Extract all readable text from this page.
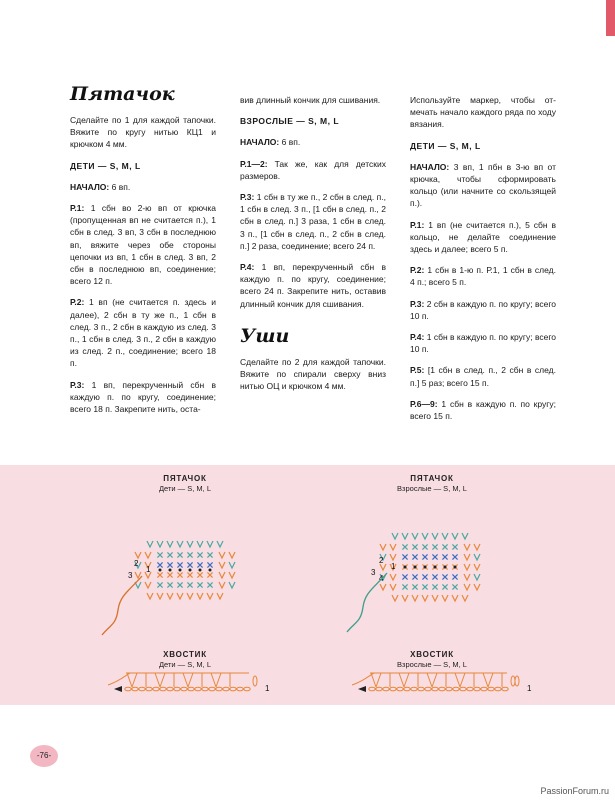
Пятачок

Сделайте по 1 для каждой тапочки. Вяжите по кругу нитью КЦ1 и крючком 4 мм.

ДЕТИ — S, M, L

НАЧАЛО: 6 вп.

Р.1: 1 сбн во 2-ю вп от крючка (пропущенная вп не считается п.), 1 сбн в след. 3 вп, 3 сбн в последнюю вп, вяжите через обе стороны цепочки из вп, 1 сбн в след. 3 вп, 2 сбн в последнюю вп, соединение; всего 12 п.

Р.2: 1 вп (не считается п. здесь и далее), 2 сбн в ту же п., 1 сбн в след. 3 п., 2 сбн в каждую из след. 3 п., 1 сбн в след. 3 п., 2 сбн в каждую из след. 2 п., соединение; всего 18 п.

Р.3: 1 вп, перекрученный сбн в каждую п. по кругу, соединение; всего 18 п. Закрепите нить, оста-

вив длинный кончик для сшивания.

ВЗРОСЛЫЕ — S, M, L

НАЧАЛО: 6 вп.

Р.1—2: Так же, как для детских размеров.

Р.3: 1 сбн в ту же п., 2 сбн в след. п., 1 сбн в след. 3 п., [1 сбн в след. п., 2 сбн в след. п.] 3 раза, 1 сбн в след. 3 п., [1 сбн в след. п., 2 сбн в след. п.] 2 раза, соединение; всего 24 п.

Р.4: 1 вп, перекрученный сбн в каждую п. по кругу, соединение; всего 24 п. Закрепите нить, оставив длинный кончик для сшивания.

Уши

Сделайте по 2 для каждой тапочки. Вяжите по спирали сверху вниз нитью ОЦ и крючком 4 мм.

Используйте маркер, чтобы отмечать начало каждого ряда по ходу вязания.

ДЕТИ — S, M, L

НАЧАЛО: 3 вп, 1 пбн в 3-ю вп от крючка, чтобы сформировать кольцо (или начните со скользящей п.).

Р.1: 1 вп (не считается п.), 5 сбн в кольцо, не делайте соединение здесь и далее; всего 5 п.

Р.2: 1 сбн в 1-ю п. Р.1, 1 сбн в след. 4 п.; всего 5 п.

Р.3: 2 сбн в каждую п. по кругу; всего 10 п.

Р.4: 1 сбн в каждую п. по кругу; всего 10 п.

Р.5: [1 сбн в след. п., 2 сбн в след. п.] 5 раз; всего 15 п.

Р.6—9: 1 сбн в каждую п. по кругу; всего 15 п.

ПЯТАЧОК
Дети — S, M, L
ПЯТАЧОК
Взрослые — S, M, L
ХВОСТИК
Дети — S, M, L
ХВОСТИК
Взрослые — S, M, L
1
2
3
1
2
3
4
1	1
-76-
PassionForum.ru
